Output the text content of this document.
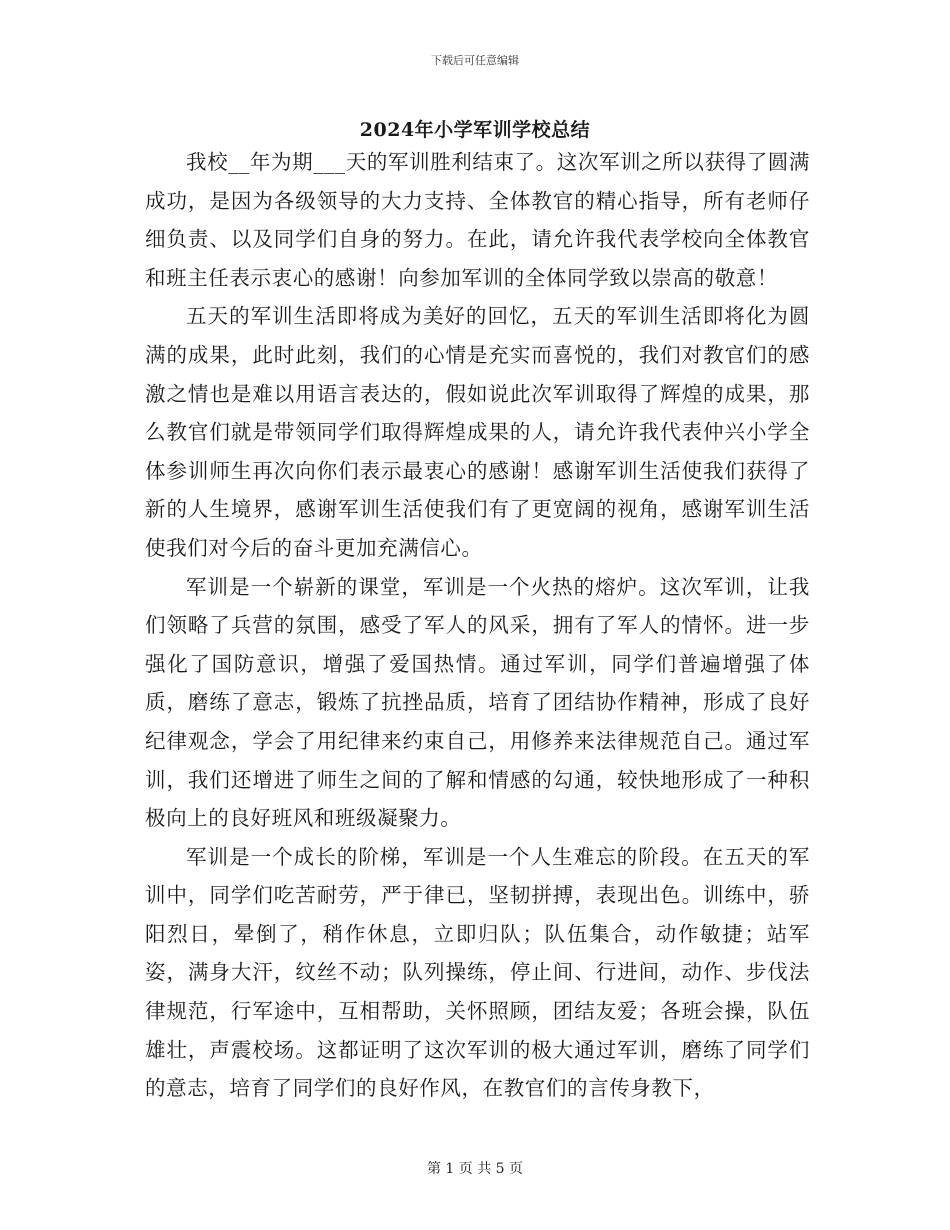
下载后可任意编辑
2024年小学军训学校总结

我校__年为期___天的军训胜利结束了。这次军训之所以获得了圆满成功，是因为各级领导的大力支持、全体教官的精心指导，所有老师仔细负责、以及同学们自身的努力。在此，请允许我代表学校向全体教官和班主任表示衷心的感谢！向参加军训的全体同学致以崇高的敬意！

五天的军训生活即将成为美好的回忆，五天的军训生活即将化为圆满的成果，此时此刻，我们的心情是充实而喜悦的，我们对教官们的感激之情也是难以用语言表达的，假如说此次军训取得了辉煌的成果，那么教官们就是带领同学们取得辉煌成果的人，请允许我代表仲兴小学全体参训师生再次向你们表示最衷心的感谢！感谢军训生活使我们获得了新的人生境界，感谢军训生活使我们有了更宽阔的视角，感谢军训生活使我们对今后的奋斗更加充满信心。

军训是一个崭新的课堂，军训是一个火热的熔炉。这次军训，让我们领略了兵营的氛围，感受了军人的风采，拥有了军人的情怀。进一步强化了国防意识，增强了爱国热情。通过军训，同学们普遍增强了体质，磨练了意志，锻炼了抗挫品质，培育了团结协作精神，形成了良好纪律观念，学会了用纪律来约束自己，用修养来法律规范自己。通过军训，我们还增进了师生之间的了解和情感的勾通，较快地形成了一种积极向上的良好班风和班级凝聚力。

军训是一个成长的阶梯，军训是一个人生难忘的阶段。在五天的军训中，同学们吃苦耐劳，严于律已，坚韧拼搏，表现出色。训练中，骄阳烈日，晕倒了，稍作休息，立即归队；队伍集合，动作敏捷；站军姿，满身大汗，纹丝不动；队列操练，停止间、行进间，动作、步伐法律规范，行军途中，互相帮助，关怀照顾，团结友爱；各班会操，队伍雄壮，声震校场。这都证明了这次军训的极大通过军训，磨练了同学们的意志，培育了同学们的良好作风，在教官们的言传身教下，

第 1 页 共 5 页
